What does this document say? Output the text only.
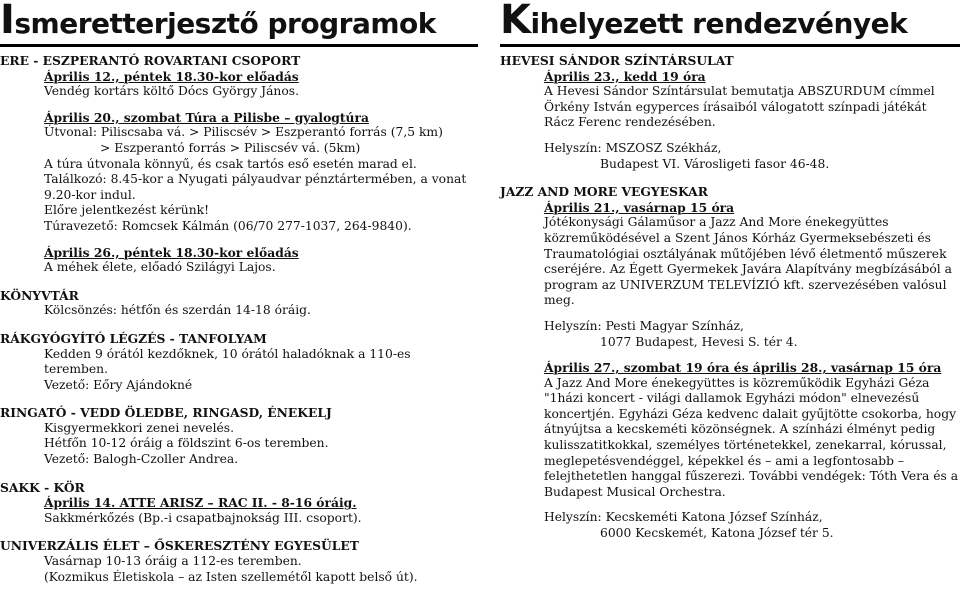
Ismeretterjesztő programok
ERE - ESZPERANTÓ ROVARTANI CSOPORT
Április 12., péntek 18.30-kor előadás
Vendég kortárs költő Dócs György János.
Április 20., szombat Túra a Pilisbe – gyalogtúra
Útvonal: Piliscsaba vá. > Piliscsév > Eszperantó forrás (7,5 km)
> Eszperantó forrás > Piliscsév vá. (5km)
A túra útvonala könnyű, és csak tartós eső esetén marad el.
Találkozó: 8.45-kor a Nyugati pályaudvar pénztártermében, a vonat 9.20-kor indul.
Előre jelentkezést kérünk!
Túravezető: Romcsek Kálmán (06/70 277-1037, 264-9840).
Április 26., péntek 18.30-kor előadás
A méhek élete, előadó Szilágyi Lajos.
KÖNYVTÁR
Kölcsönzés: hétfőn és szerdán 14-18 óráig.
RÁKGYÓGYÍTÓ LÉGZÉS - TANFOLYAM
Kedden 9 órától kezdőknek, 10 órától haladóknak a 110-es teremben.
Vezető: Eőry Ajándokné
RINGATÓ - VEDD ÖLEDBE, RINGASD, ÉNEKELJ
Kisgyermekkori zenei nevelés.
Hétfőn 10-12 óráig a földszint 6-os teremben.
Vezető: Balogh-Czoller Andrea.
SAKK - KÖR
Április 14. ATTE ARISZ – RAC II. - 8-16 óráig.
Sakkmérkőzés (Bp.-i csapatbajnokság III. csoport).
UNIVERZÁLIS ÉLET – ŐSKERESZTÉNY EGYESÜLET
Vasárnap 10-13 óráig a 112-es teremben.
(Kozmikus Életiskola – az Isten szellemétől kapott belső út).
Kihelyezett rendezvények
HEVESI SÁNDOR SZÍNTÁRSULAT
Április 23., kedd 19 óra
A Hevesi Sándor Színtársulat bemutatja ABSZURDUM címmel Örkény István egyperces írásaiból válogatott színpadi játékát Rácz Ferenc rendezésében.
Helyszín: MSZOSZ Székház,
Budapest VI. Városligeti fasor 46-48.
JAZZ AND MORE VEGYESKAR
Április 21., vasárnap 15 óra
Jótékonysági Gálaműsor a Jazz And More énekegyüttes közreműködésével a Szent János Kórház Gyermeksebészeti és Traumatológiai osztályának műtőjében lévő életmentő műszerek cseréjére. Az Égett Gyermekek Javára Alapítvány megbízásából a program az UNIVERZUM TELEVÍZIÓ kft. szervezésében valósul meg.
Helyszín: Pesti Magyar Színház,
1077 Budapest, Hevesi S. tér 4.
Április 27., szombat 19 óra és április 28., vasárnap 15 óra
A Jazz And More énekegyüttes is közreműködik Egyházi Géza "1házi koncert - világi dallamok Egyházi módon" elnevezésű koncertjén. Egyházi Géza kedvenc dalait gyűjtötte csokorba, hogy átnyújtsa a kecskeméti közönségnek. A színházi élményt pedig kulisszatitkokkal, személyes történetekkel, zenekarral, kórussal, meglepetésvendéggel, képekkel és – ami a legfontosabb – felejthetetlen hanggal fűszerezi. További vendégek: Tóth Vera és a Budapest Musical Orchestra.
Helyszín: Kecskeméti Katona József Színház,
6000 Kecskemét, Katona József tér 5.
